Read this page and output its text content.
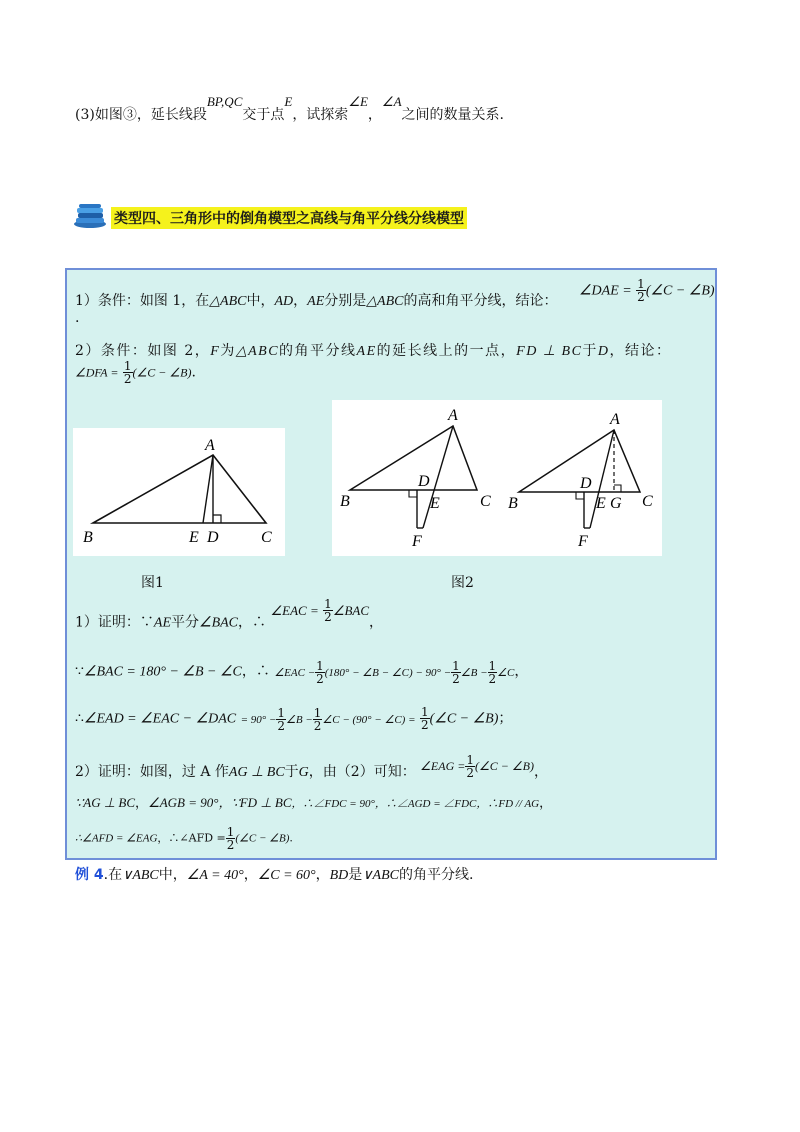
(3)如图③，延长线段BP,QC交于点E，试探索∠E，∠A之间的数量关系.
类型四、三角形中的倒角模型之高线与角平分线分线模型
1）条件：如图 1，在△ABC中，AD，AE分别是△ABC的高和角平分线，结论：
∠DAE = $\frac{1}{2}$ (∠C − ∠B)
.
2）条件：如图 2，F为△ABC的角平分线AE的延长线上的一点，FD ⊥ BC于D，结论：
∠DFA = $\frac{1}{2}$ (∠C − ∠B).
A
B	C
D
E
图1
A
B	C
D
E
F
A
B	C
D
E G
F
图2
1）证明：∵AE平分∠BAC，∴ ∠EAC = $\frac{1}{2}$ ∠BAC，
∵∠BAC = 180° − ∠B − ∠C，∴ ∠EAC − $\frac{1}{2} (180^\circ$ − ∠B − ∠C) − $90^\circ - \frac{1}{2}$ ∠B − $\frac{1}{2}$ ∠C，
∴∠EAD = ∠EAC − ∠DAC = $90^\circ - \frac{1}{2}$ ∠B − $\frac{1}{2}$ ∠C − (90° − ∠C) = $\frac{1}{2}$ (∠C − ∠B)；
2）证明：如图，过 A 作AG ⊥ BC于G，由（2）可知： ∠EAG = $\frac{1}{2}$ (∠C − ∠B)，
∵AG ⊥ BC，∠AGB = 90°，∵FD ⊥ BC，∴∠FDC = 90°，∴∠AGD = ∠FDC，∴FD // AG，
∴∠AFD = ∠EAG，∴∠AFD = $\frac{1}{2}$ (∠C − ∠B).
例 4.在∨ABC中，∠A = 40°，∠C = 60°，BD是∨ABC的角平分线.
